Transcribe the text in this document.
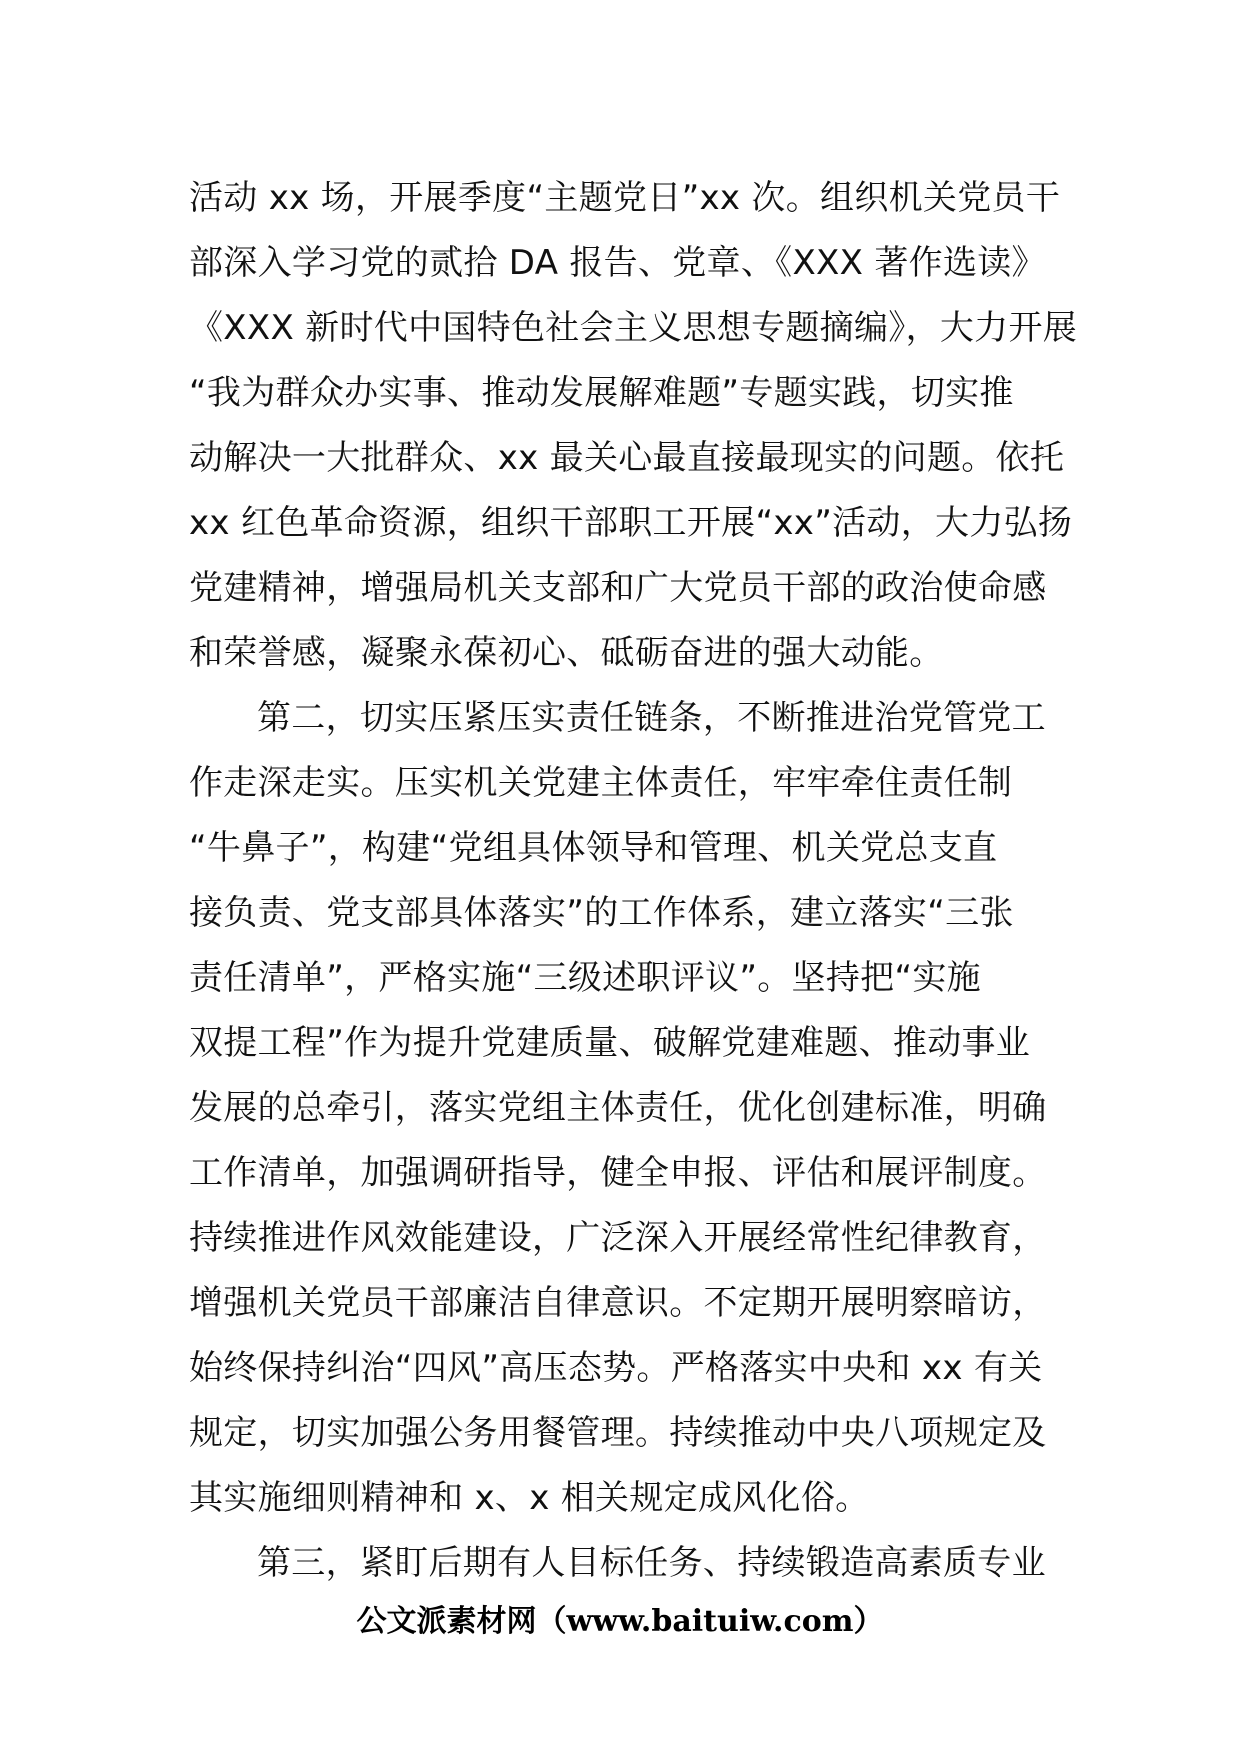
活动 xx 场，开展季度“主题党日”xx 次。组织机关党员干
部深入学习党的贰拾 DA 报告、党章、《XXX 著作选读》
《XXX 新时代中国特色社会主义思想专题摘编》，大力开展
“我为群众办实事、推动发展解难题”专题实践，切实推
动解决一大批群众、xx 最关心最直接最现实的问题。依托
xx 红色革命资源，组织干部职工开展“xx”活动，大力弘扬
党建精神，增强局机关支部和广大党员干部的政治使命感
和荣誉感，凝聚永葆初心、砥砺奋进的强大动能。
第二，切实压紧压实责任链条，不断推进治党管党工
作走深走实。压实机关党建主体责任，牢牢牵住责任制
“牛鼻子”，构建“党组具体领导和管理、机关党总支直
接负责、党支部具体落实”的工作体系，建立落实“三张
责任清单”，严格实施“三级述职评议”。坚持把“实施
双提工程”作为提升党建质量、破解党建难题、推动事业
发展的总牵引，落实党组主体责任，优化创建标准，明确
工作清单，加强调研指导，健全申报、评估和展评制度。
持续推进作风效能建设，广泛深入开展经常性纪律教育，
增强机关党员干部廉洁自律意识。不定期开展明察暗访，
始终保持纠治“四风”高压态势。严格落实中央和 xx 有关
规定，切实加强公务用餐管理。持续推动中央八项规定及
其实施细则精神和 x、x 相关规定成风化俗。
第三，紧盯后期有人目标任务、持续锻造高素质专业
公文派素材网（www.baituiw.com）
